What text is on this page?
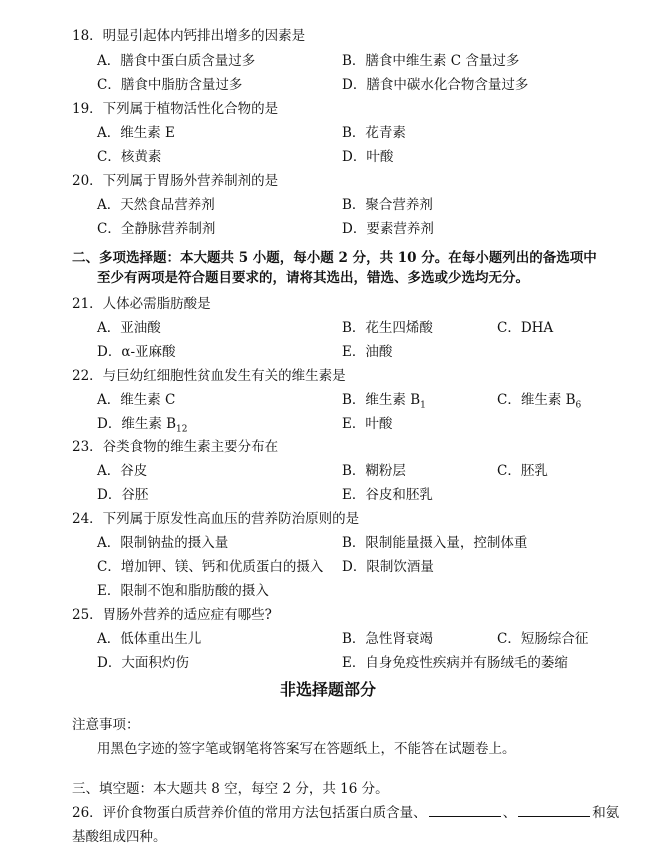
18．明显引起体内钙排出增多的因素是
A．膳食中蛋白质含量过多	B．膳食中维生素 C 含量过多
C．膳食中脂肪含量过多	D．膳食中碳水化合物含量过多
19．下列属于植物活性化合物的是
A．维生素 E	B．花青素
C．核黄素	D．叶酸
20．下列属于胃肠外营养制剂的是
A．天然食品营养剂	B．聚合营养剂
C．全静脉营养制剂	D．要素营养剂
二、多项选择题：本大题共 5 小题，每小题 2 分，共 10 分。在每小题列出的备选项中
至少有两项是符合题目要求的，请将其选出，错选、多选或少选均无分。
21．人体必需脂肪酸是
A．亚油酸	B．花生四烯酸	C．DHA
D．α-亚麻酸	E．油酸
22．与巨幼红细胞性贫血发生有关的维生素是
A．维生素 C	B．维生素 $B_1$	C．维生素 $B_6$
D．维生素 $B_{12}$	E．叶酸
23．谷类食物的维生素主要分布在
A．谷皮	B．糊粉层	C．胚乳
D．谷胚	E．谷皮和胚乳
24．下列属于原发性高血压的营养防治原则的是
A．限制钠盐的摄入量	B．限制能量摄入量，控制体重
C．增加钾、镁、钙和优质蛋白的摄入 D．限制饮酒量
E．限制不饱和脂肪酸的摄入
25．胃肠外营养的适应症有哪些?
A．低体重出生儿	B．急性肾衰竭	C．短肠综合征
D．大面积灼伤	E．自身免疫性疾病并有肠绒毛的萎缩
非选择题部分
注意事项：
用黑色字迹的签字笔或钢笔将答案写在答题纸上，不能答在试题卷上。
三、填空题：本大题共 8 空，每空 2 分，共 16 分。
26．评价食物蛋白质营养价值的常用方法包括蛋白质含量、	、	和氨
基酸组成四种。
